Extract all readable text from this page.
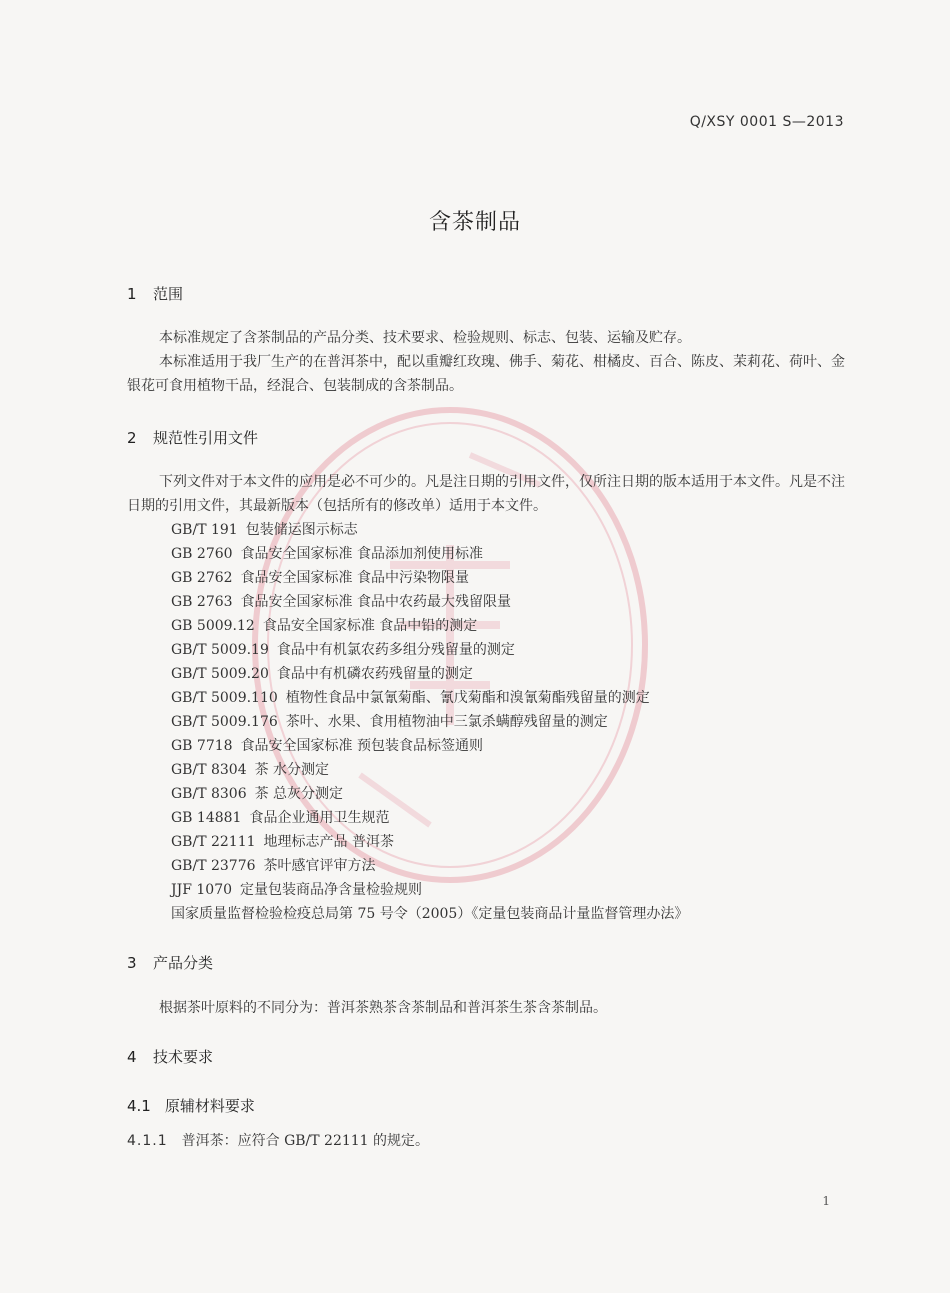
Q/XSY 0001 S—2013
含茶制品
1 范围
本标准规定了含茶制品的产品分类、技术要求、检验规则、标志、包装、运输及贮存。
本标准适用于我厂生产的在普洱茶中，配以重瓣红玫瑰、佛手、菊花、柑橘皮、百合、陈皮、茉莉花、荷叶、金银花可食用植物干品，经混合、包装制成的含茶制品。
2 规范性引用文件
下列文件对于本文件的应用是必不可少的。凡是注日期的引用文件，仅所注日期的版本适用于本文件。凡是不注日期的引用文件，其最新版本（包括所有的修改单）适用于本文件。
GB/T 191 包装储运图示标志
GB 2760 食品安全国家标准 食品添加剂使用标准
GB 2762 食品安全国家标准 食品中污染物限量
GB 2763 食品安全国家标准 食品中农药最大残留限量
GB 5009.12 食品安全国家标准 食品中铅的测定
GB/T 5009.19 食品中有机氯农药多组分残留量的测定
GB/T 5009.20 食品中有机磷农药残留量的测定
GB/T 5009.110 植物性食品中氯氰菊酯、氰戊菊酯和溴氰菊酯残留量的测定
GB/T 5009.176 茶叶、水果、食用植物油中三氯杀螨醇残留量的测定
GB 7718 食品安全国家标准 预包装食品标签通则
GB/T 8304 茶 水分测定
GB/T 8306 茶 总灰分测定
GB 14881 食品企业通用卫生规范
GB/T 22111 地理标志产品 普洱茶
GB/T 23776 茶叶感官评审方法
JJF 1070 定量包装商品净含量检验规则
国家质量监督检验检疫总局第 75 号令（2005）《定量包装商品计量监督管理办法》
3 产品分类
根据茶叶原料的不同分为：普洱茶熟茶含茶制品和普洱茶生茶含茶制品。
4 技术要求
4.1 原辅材料要求
4.1.1 普洱茶：应符合 GB/T 22111 的规定。
1
